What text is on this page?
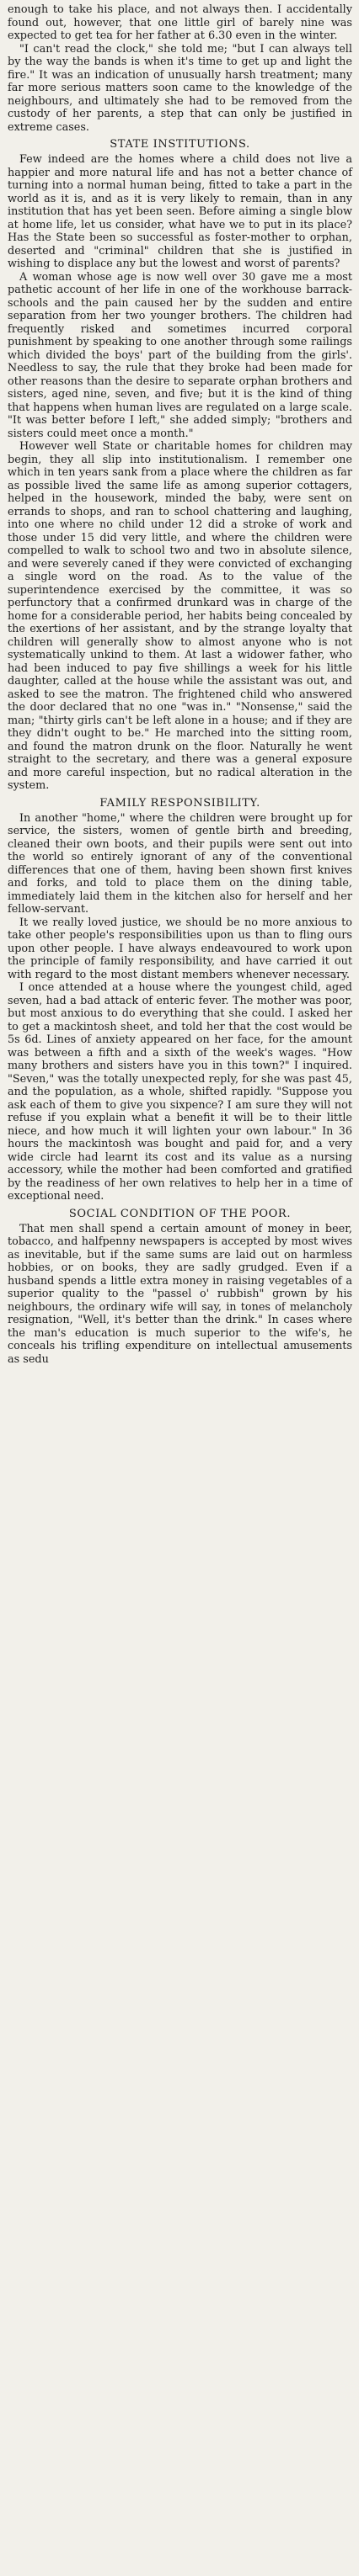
enough to take his place, and not always then. I accidentally found out, however, that one little girl of barely nine was expected to get tea for her father at 6.30 even in the winter.

"I can't read the clock," she told me; "but I can always tell by the way the bands is when it's time to get up and light the fire." It was an indication of unusually harsh treatment; many far more serious matters soon came to the knowledge of the neighbours, and ultimately she had to be removed from the custody of her parents, a step that can only be justified in extreme cases.

STATE INSTITUTIONS.

Few indeed are the homes where a child does not live a happier and more natural life and has not a better chance of turning into a normal human being, fitted to take a part in the world as it is, and as it is very likely to remain, than in any institution that has yet been seen. Before aiming a single blow at home life, let us consider, what have we to put in its place? Has the State been so successful as foster-mother to orphan, deserted and "criminal" children that she is justified in wishing to displace any but the lowest and worst of parents?

A woman whose age is now well over 30 gave me a most pathetic account of her life in one of the workhouse barrack-schools and the pain caused her by the sudden and entire separation from her two younger brothers. The children had frequently risked and sometimes incurred corporal punishment by speaking to one another through some railings which divided the boys' part of the building from the girls'. Needless to say, the rule that they broke had been made for other reasons than the desire to separate orphan brothers and sisters, aged nine, seven, and five; but it is the kind of thing that happens when human lives are regulated on a large scale. "It was better before I left," she added simply; "brothers and sisters could meet once a month."

However well State or charitable homes for children may begin, they all slip into institutionalism. I remember one which in ten years sank from a place where the children as far as possible lived the same life as among superior cottagers, helped in the housework, minded the baby, were sent on errands to shops, and ran to school chattering and laughing, into one where no child under 12 did a stroke of work and those under 15 did very little, and where the children were compelled to walk to school two and two in absolute silence, and were severely caned if they were convicted of exchanging a single word on the road. As to the value of the superintendence exercised by the committee, it was so perfunctory that a confirmed drunkard was in charge of the home for a considerable period, her habits being concealed by the exertions of her assistant, and by the strange loyalty that children will generally show to almost anyone who is not systematically unkind to them. At last a widower father, who had been induced to pay five shillings a week for his little daughter, called at the house while the assistant was out, and asked to see the matron. The frightened child who answered the door declared that no one "was in." "Nonsense," said the man; "thirty girls can't be left alone in a house; and if they are they didn't ought to be." He marched into the sitting room, and found the matron drunk on the floor. Naturally he went straight to the secretary, and there was a general exposure and more careful inspection, but no radical alteration in the system.

FAMILY RESPONSIBILITY.

In another "home," where the children were brought up for service, the sisters, women of gentle birth and breeding, cleaned their own boots, and their pupils were sent out into the world so entirely ignorant of any of the conventional differences that one of them, having been shown first knives and forks, and told to place them on the dining table, immediately laid them in the kitchen also for herself and her fellow-servant.

It we really loved justice, we should be no more anxious to take other people's responsibilities upon us than to fling ours upon other people. I have always endeavoured to work upon the principle of family responsibility, and have carried it out with regard to the most distant members whenever necessary.

I once attended at a house where the youngest child, aged seven, had a bad attack of enteric fever. The mother was poor, but most anxious to do everything that she could. I asked her to get a mackintosh sheet, and told her that the cost would be 5s 6d. Lines of anxiety appeared on her face, for the amount was between a fifth and a sixth of the week's wages. "How many brothers and sisters have you in this town?" I inquired. "Seven," was the totally unexpected reply, for she was past 45, and the population, as a whole, shifted rapidly. "Suppose you ask each of them to give you sixpence? I am sure they will not refuse if you explain what a benefit it will be to their little niece, and how much it will lighten your own labour." In 36 hours the mackintosh was bought and paid for, and a very wide circle had learnt its cost and its value as a nursing accessory, while the mother had been comforted and gratified by the readiness of her own relatives to help her in a time of exceptional need.

SOCIAL CONDITION OF THE POOR.

That men shall spend a certain amount of money in beer, tobacco, and halfpenny newspapers is accepted by most wives as inevitable, but if the same sums are laid out on harmless hobbies, or on books, they are sadly grudged. Even if a husband spends a little extra money in raising vegetables of a superior quality to the "passel o' rubbish" grown by his neighbours, the ordinary wife will say, in tones of melancholy resignation, "Well, it's better than the drink." In cases where the man's education is much superior to the wife's, he conceals his trifling expenditure on intellectual amusements as sedu
